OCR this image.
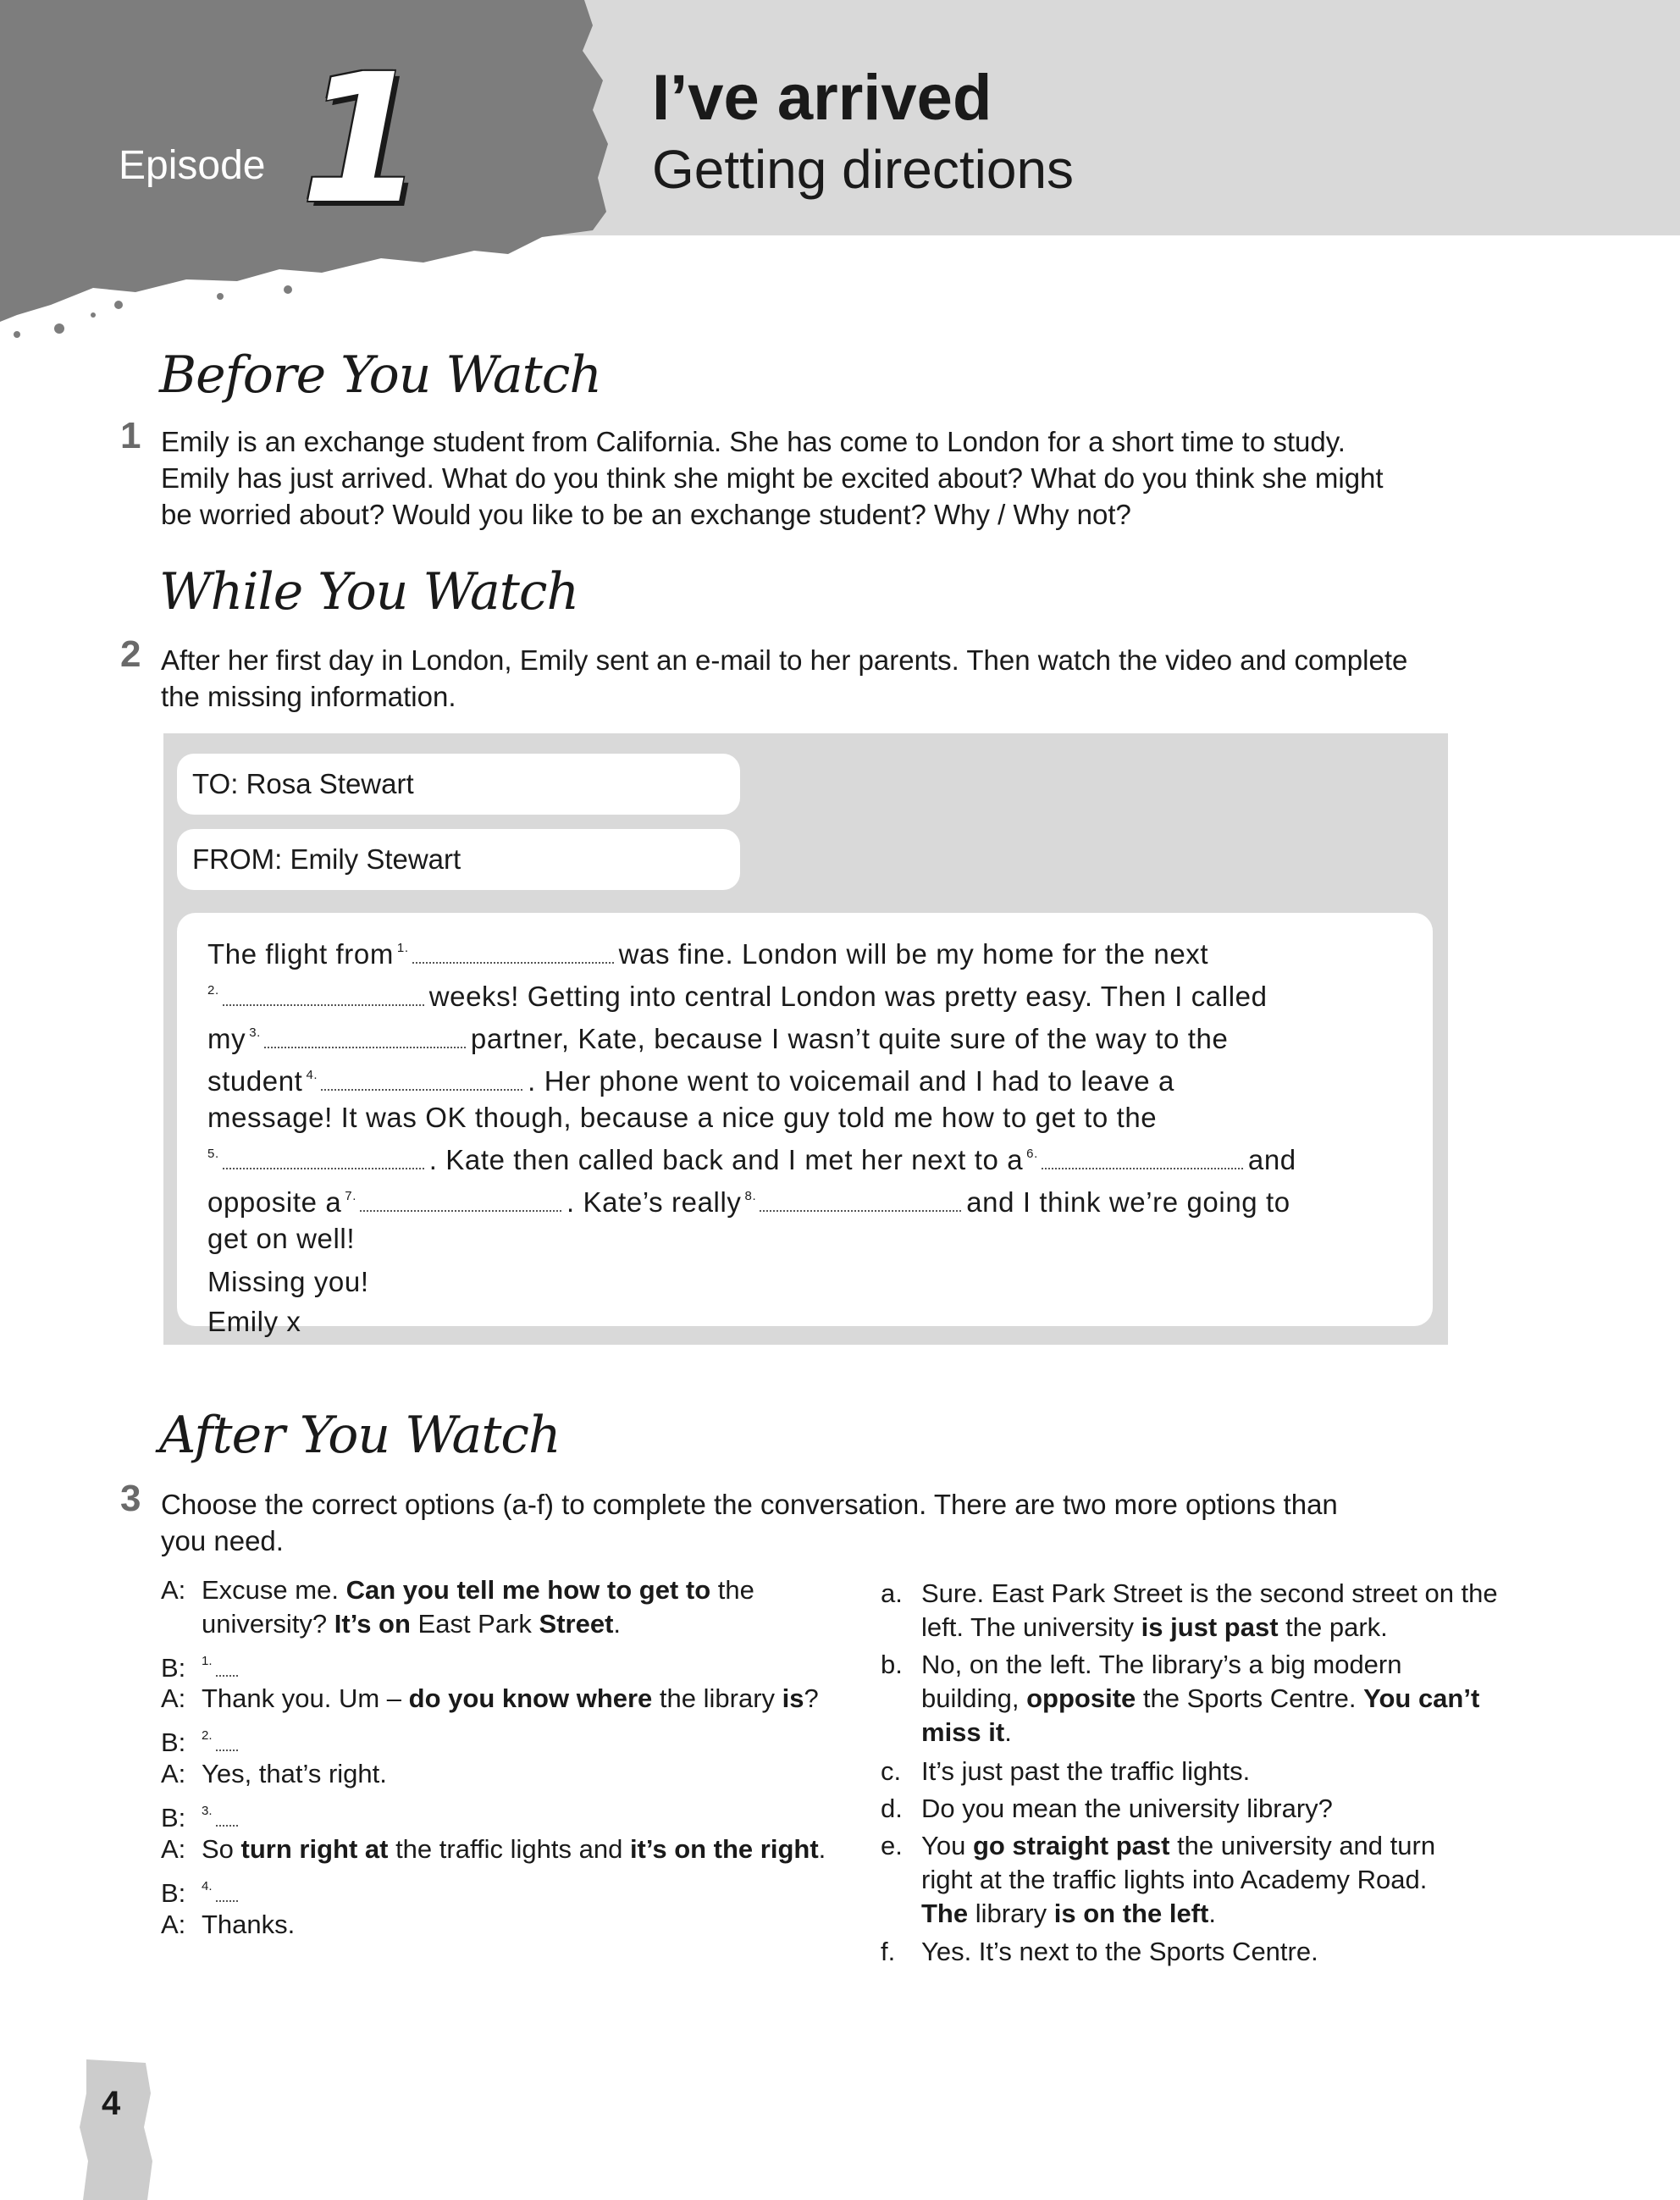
Episode 1	I’ve arrived
Getting directions
Before You Watch
1 Emily is an exchange student from California. She has come to London for a short time to study.
Emily has just arrived. What do you think she might be excited about? What do you think she might
be worried about? Would you like to be an exchange student? Why / Why not?
While You Watch
2 After her first day in London, Emily sent an e-mail to her parents. Then watch the video and complete
the missing information.
TO: Rosa Stewart
FROM: Emily Stewart
The flight from $^{1.}$	was fine. London will be my home for the next
$^{2.}$	weeks! Getting into central London was pretty easy. Then I called
my $^{3.}$	partner, Kate, because I wasn’t quite sure of the way to the
student $^{4.}$	. Her phone went to voicemail and I had to leave a
message! It was OK though, because a nice guy told me how to get to the
$^{5.}$	. Kate then called back and I met her next to a $^{6.}$	and
opposite a $^{7.}$	. Kate’s really $^{8.}$	and I think we’re going to
get on well!
Missing you!
Emily x
After You Watch
3 Choose the correct options (a-f) to complete the conversation. There are two more options than
you need.
A: Excuse me. Can you tell me how to get to the
university? It’s on East Park Street.
B: $^{1.}$
A: Thank you. Um – do you know where the library is?
B: $^{2.}$
A: Yes, that’s right.
B: $^{3.}$
A: So turn right at the traffic lights and it’s on the right.
B: $^{4.}$
A: Thanks.
a. Sure. East Park Street is the second street on the
left. The university is just past the park.
b. No, on the left. The library’s a big modern
building, opposite the Sports Centre. You can’t
miss it.
c. It’s just past the traffic lights.
d. Do you mean the university library?
e. You go straight past the university and turn
right at the traffic lights into Academy Road.
The library is on the left.
f. Yes. It’s next to the Sports Centre.
4
